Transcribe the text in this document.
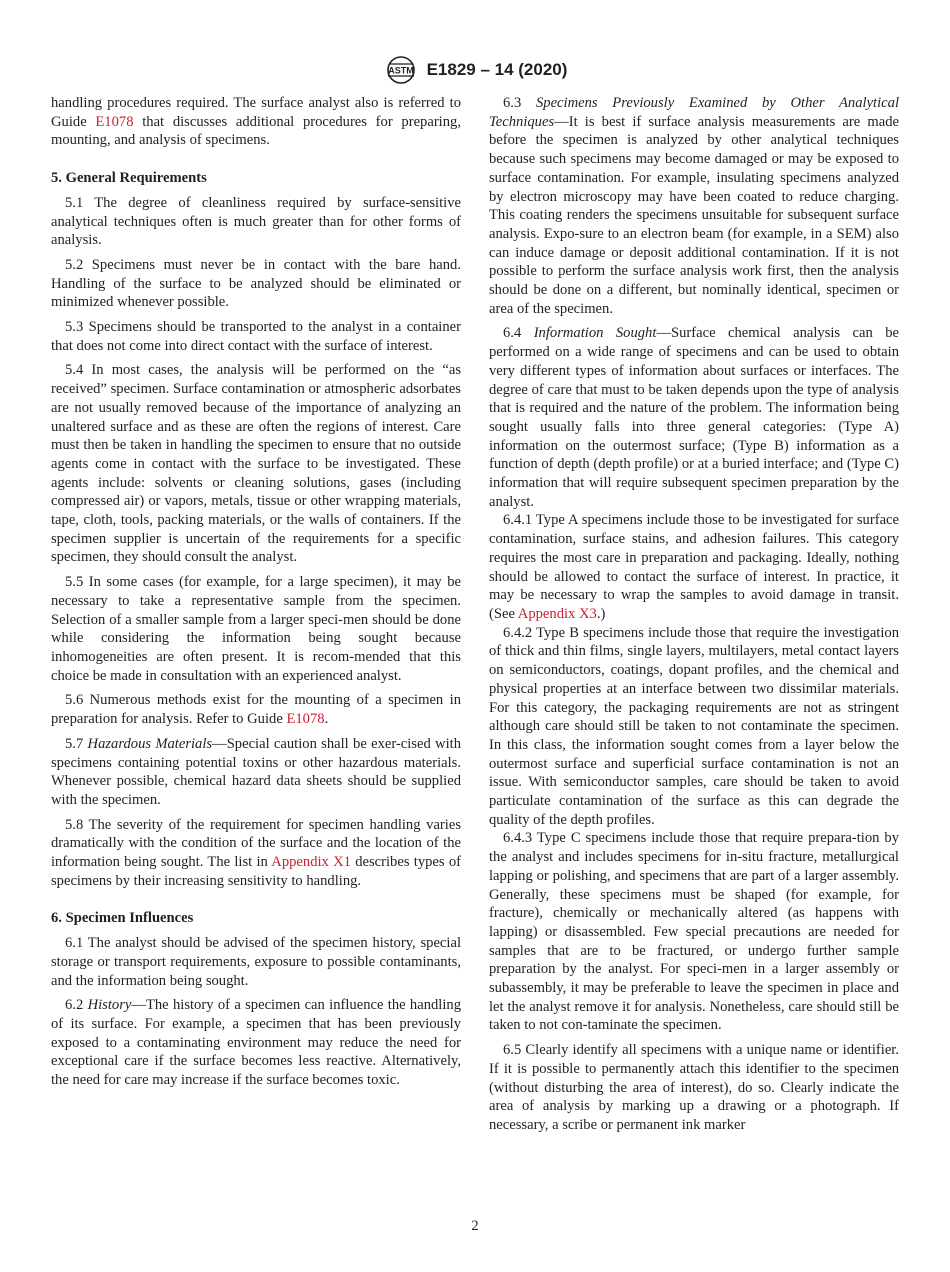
ASTM E1829 – 14 (2020)

handling procedures required. The surface analyst also is referred to Guide E1078 that discusses additional procedures for preparing, mounting, and analysis of specimens.

5. General Requirements

5.1 The degree of cleanliness required by surface-sensitive analytical techniques often is much greater than for other forms of analysis.

5.2 Specimens must never be in contact with the bare hand. Handling of the surface to be analyzed should be eliminated or minimized whenever possible.

5.3 Specimens should be transported to the analyst in a container that does not come into direct contact with the surface of interest.

5.4 In most cases, the analysis will be performed on the “as received” specimen. Surface contamination or atmospheric adsorbates are not usually removed because of the importance of analyzing an unaltered surface and as these are often the regions of interest. Care must then be taken in handling the specimen to ensure that no outside agents come in contact with the surface to be investigated. These agents include: solvents or cleaning solutions, gases (including compressed air) or vapors, metals, tissue or other wrapping materials, tape, cloth, tools, packing materials, or the walls of containers. If the specimen supplier is uncertain of the requirements for a specific specimen, they should consult the analyst.

5.5 In some cases (for example, for a large specimen), it may be necessary to take a representative sample from the specimen. Selection of a smaller sample from a larger speci-men should be done while considering the information being sought because inhomogeneities are often present. It is recom-mended that this choice be made in consultation with an experienced analyst.

5.6 Numerous methods exist for the mounting of a specimen in preparation for analysis. Refer to Guide E1078.

5.7 Hazardous Materials—Special caution shall be exer-cised with specimens containing potential toxins or other hazardous materials. Whenever possible, chemical hazard data sheets should be supplied with the specimen.

5.8 The severity of the requirement for specimen handling varies dramatically with the condition of the surface and the location of the information being sought. The list in Appendix X1 describes types of specimens by their increasing sensitivity to handling.

6. Specimen Influences

6.1 The analyst should be advised of the specimen history, special storage or transport requirements, exposure to possible contaminants, and the information being sought.

6.2 History—The history of a specimen can influence the handling of its surface. For example, a specimen that has been previously exposed to a contaminating environment may reduce the need for exceptional care if the surface becomes less reactive. Alternatively, the need for care may increase if the surface becomes toxic.

6.3 Specimens Previously Examined by Other Analytical Techniques—It is best if surface analysis measurements are made before the specimen is analyzed by other analytical techniques because such specimens may become damaged or may be exposed to surface contamination. For example, insulating specimens analyzed by electron microscopy may have been coated to reduce charging. This coating renders the specimens unsuitable for subsequent surface analysis. Expo-sure to an electron beam (for example, in a SEM) also can induce damage or deposit additional contamination. If it is not possible to perform the surface analysis work first, then the analysis should be done on a different, but nominally identical, specimen or area of the specimen.

6.4 Information Sought—Surface chemical analysis can be performed on a wide range of specimens and can be used to obtain very different types of information about surfaces or interfaces. The degree of care that must to be taken depends upon the type of analysis that is required and the nature of the problem. The information being sought usually falls into three general categories: (Type A) information on the outermost surface; (Type B) information as a function of depth (depth profile) or at a buried interface; and (Type C) information that will require subsequent specimen preparation by the analyst.

6.4.1 Type A specimens include those to be investigated for surface contamination, surface stains, and adhesion failures. This category requires the most care in preparation and packaging. Ideally, nothing should be allowed to contact the surface of interest. In practice, it may be necessary to wrap the samples to avoid damage in transit. (See Appendix X3.)

6.4.2 Type B specimens include those that require the investigation of thick and thin films, single layers, multilayers, metal contact layers on semiconductors, coatings, dopant profiles, and the chemical and physical properties at an interface between two dissimilar materials. For this category, the packaging requirements are not as stringent although care should still be taken to not contaminate the specimen. In this class, the information sought comes from a layer below the outermost surface and superficial surface contamination is not an issue. With semiconductor samples, care should be taken to avoid particulate contamination of the surface as this can degrade the quality of the depth profiles.

6.4.3 Type C specimens include those that require prepara-tion by the analyst and includes specimens for in-situ fracture, metallurgical lapping or polishing, and specimens that are part of a larger assembly. Generally, these specimens must be shaped (for example, for fracture), chemically or mechanically altered (as happens with lapping) or disassembled. Few special precautions are needed for samples that are to be fractured, or undergo further sample preparation by the analyst. For speci-men in a larger assembly or subassembly, it may be preferable to leave the specimen in place and let the analyst remove it for analysis. Nonetheless, care should still be taken to not con-taminate the specimen.

6.5 Clearly identify all specimens with a unique name or identifier. If it is possible to permanently attach this identifier to the specimen (without disturbing the area of interest), do so. Clearly indicate the area of analysis by marking up a drawing or a photograph. If necessary, a scribe or permanent ink marker

2
